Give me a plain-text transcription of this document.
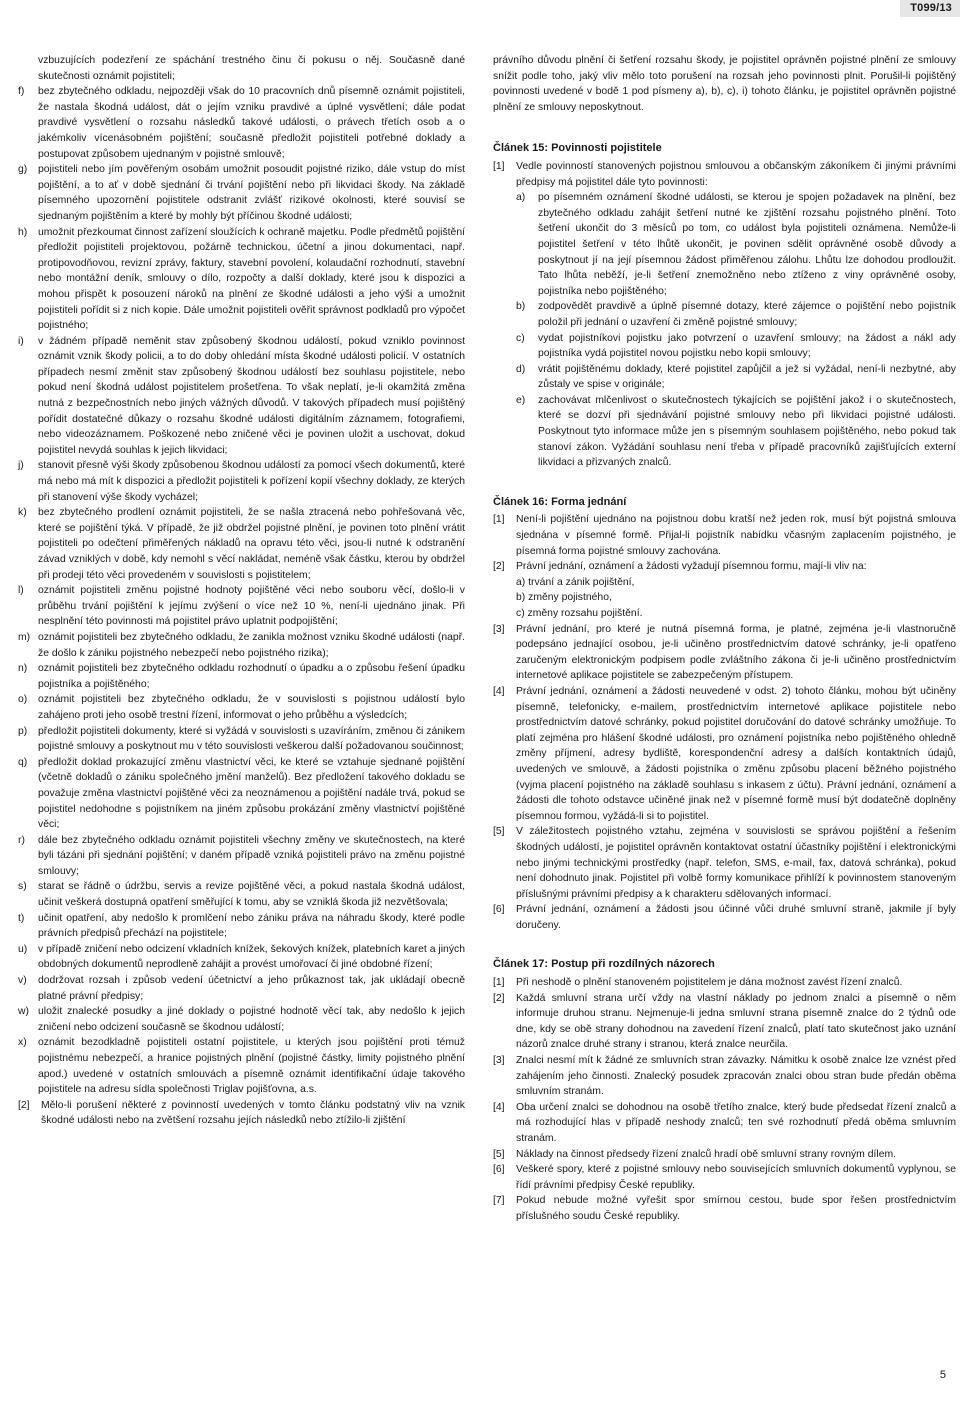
T099/13
vzbuzujících podezření ze spáchání trestného činu či pokusu o něj. Současně dané skutečnosti oznámit pojistiteli;
f)	bez zbytečného odkladu, nejpozději však do 10 pracovních dnů písemně oznámit pojistiteli, že nastala škodná událost, dát o jejím vzniku pravdivé a úplné vysvětlení; dále podat pravdivé vysvětlení o rozsahu následků takové události, o právech třetích osob a o jakémkoliv vícenásobném pojištění; současně předložit pojistiteli potřebné doklady a postupovat způsobem ujednaným v pojistné smlouvě;
g)	pojistiteli nebo jím pověřeným osobám umožnit posoudit pojistné riziko, dále vstup do míst pojištění, a to ať v době sjednání či trvání pojištění nebo při likvidaci škody. Na základě písemného upozornění pojistitele odstranit zvlášť rizikové okolnosti, které souvisí se sjednaným pojištěním a které by mohly být příčinou škodné události;
h)	umožnit přezkoumat činnost zařízení sloužících k ochraně majetku. Podle předmětů pojištění předložit pojistiteli projektovou, požárně technickou, účetní a jinou dokumentaci, např. protipovodňovou, revizní zprávy, faktury, stavební povolení, kolaudační rozhodnutí, stavební nebo montážní deník, smlouvy o dílo, rozpočty a další doklady, které jsou k dispozici a mohou přispět k posouzení nároků na plnění ze škodné události a jeho výši a umožnit pojistiteli pořídit si z nich kopie. Dále umožnit pojistiteli ověřit správnost podkladů pro výpočet pojistného;
i)	v žádném případě neměnit stav způsobený škodnou událostí, pokud vzniklo povinnost oznámit vznik škody policii, a to do doby ohledání místa škodné události policií. V ostatních případech nesmí změnit stav způsobený škodnou událostí bez souhlasu pojistitele, nebo pokud není škodná událost pojistitelem prošetřena. To však neplatí, je-li okamžitá změna nutná z bezpečnostních nebo jiných vážných důvodů. V takových případech musí pojištěný pořídit dostatečné důkazy o rozsahu škodné události digitálním záznamem, fotografiemi, nebo videozáznamem. Poškozené nebo zničené věci je povinen uložit a uschovat, dokud pojistitel nevydá souhlas k jejich likvidaci;
j)	stanovit přesně výši škody způsobenou škodnou událostí za pomocí všech dokumentů, které má nebo má mít k dispozici a předložit pojistiteli k pořízení kopií všechny doklady, ze kterých při stanovení výše škody vycházel;
k)	bez zbytečného prodlení oznámit pojistiteli, že se našla ztracená nebo pohřešovaná věc, které se pojištění týká. V případě, že již obdržel pojistné plnění, je povinen toto plnění vrátit pojistiteli po odečtení přiměřených nákladů na opravu této věci, jsou-li nutné k odstranění závad vzniklých v době, kdy nemohl s věcí nakládat, neméně však částku, kterou by obdržel při prodeji této věci provedeném v souvislosti s pojistitelem;
l)	oznámit pojistiteli změnu pojistné hodnoty pojištěné věci nebo souboru věcí, došlo-li v průběhu trvání pojištění k jejímu zvýšení o více než 10 %, není-li ujednáno jinak. Při nesplnění této povinnosti má pojistitel právo uplatnit podpojištění;
m) oznámit pojistiteli bez zbytečného odkladu, že zanikla možnost vzniku škodné události (např. že došlo k zániku pojistného nebezpečí nebo pojistného rizika);
n)	oznámit pojistiteli bez zbytečného odkladu rozhodnutí o úpadku a o způsobu řešení úpadku pojistníka a pojištěného;
o)	oznámit pojistiteli bez zbytečného odkladu, že v souvislosti s pojistnou událostí bylo zahájeno proti jeho osobě trestní řízení, informovat o jeho průběhu a výsledcích;
p)	předložit pojistiteli dokumenty, které si vyžádá v souvislosti s uzavíráním, změnou či zánikem pojistné smlouvy a poskytnout mu v této souvislosti veškerou další požadovanou součinnost;
q)	předložit doklad prokazující změnu vlastnictví věci, ke které se vztahuje sjednané pojištění (včetně dokladů o zániku společného jmění manželů). Bez předložení takového dokladu se považuje změna vlastnictví pojištěné věci za neoznámenou a pojištění nadále trvá, pokud se pojistitel nedohodne s pojistníkem na jiném způsobu prokázání změny vlastnictví pojištěné věci;
r)	dále bez zbytečného odkladu oznámit pojistiteli všechny změny ve skutečnostech, na které byli tázáni při sjednání pojištění; v daném případě vzniká pojistiteli právo na změnu pojistné smlouvy;
s)	starat se řádně o údržbu, servis a revize pojištěné věci, a pokud nastala škodná událost, učinit veškerá dostupná opatření směřující k tomu, aby se vzniklá škoda již nezvětšovala;
t)	učinit opatření, aby nedošlo k promlčení nebo zániku práva na náhradu škody, které podle právních předpisů přechází na pojistitele;
u)	v případě zničení nebo odcizení vkladních knížek, šekových knížek, platebních karet a jiných obdobných dokumentů neprodleně zahájit a provést umořovací či jiné obdobné řízení;
v)	dodržovat rozsah i způsob vedení účetnictví a jeho průkaznost tak, jak ukládají obecně platné právní předpisy;
w) uložit znalecké posudky a jiné doklady o pojistné hodnotě věcí tak, aby nedošlo k jejich zničení nebo odcizení současně se škodnou událostí;
x)	oznámit bezodkladně pojistiteli ostatní pojistitele, u kterých jsou pojištění proti témuž pojistnému nebezpečí, a hranice pojistných plnění (pojistné částky, limity pojistného plnění apod.) uvedené v ostatních smlouvách a písemně oznámit identifikační údaje takového pojistitele na adresu sídla společnosti Triglav pojišťovna, a.s.
[2]	Mělo-li porušení některé z povinností uvedených v tomto článku podstatný vliv na vznik škodné události nebo na zvětšení rozsahu jejích následků nebo ztížilo-li zjištění
právního důvodu plnění či šetření rozsahu škody, je pojistitel oprávněn pojistné plnění ze smlouvy snížit podle toho, jaký vliv mělo toto porušení na rozsah jeho povinnosti plnit. Porušil-li pojištěný povinnosti uvedené v bodě 1 pod písmeny a), b), c), i) tohoto článku, je pojistitel oprávněn pojistné plnění ze smlouvy neposkytnout.
Článek 15: Povinnosti pojistitele
[1]	Vedle povinností stanovených pojistnou smlouvou a občanským zákoníkem či jinými právními předpisy má pojistitel dále tyto povinnosti:
a)	po písemném oznámení škodné události, se kterou je spojen požadavek na plnění, bez zbytečného odkladu zahájit šetření nutné ke zjištění rozsahu pojistného plnění. Toto šetření ukončit do 3 měsíců po tom, co událost byla pojistiteli oznámena. Nemůže-li pojistitel šetření v této lhůtě ukončit, je povinen sdělit oprávněné osobě důvody a poskytnout jí na její písemnou žádost přiměřenou zálohu. Lhůtu lze dohodou prodloužit. Tato lhůta neběží, je-li šetření znemožněno nebo ztíženo z viny oprávněné osoby, pojistníka nebo pojištěného;
b)	zodpovědět pravdivě a úplně písemné dotazy, které zájemce o pojištění nebo pojistník položil při jednání o uzavření či změně pojistné smlouvy;
c)	vydat pojistníkovi pojistku jako potvrzení o uzavření smlouvy; na žádost a nákl ady pojistníka vydá pojistitel novou pojistku nebo kopii smlouvy;
d)	vrátit pojištěnému doklady, které pojistitel zapůjčil a jež si vyžádal, není-li nezbytné, aby zůstaly ve spise v originále;
e)	zachovávat mlčenlivost o skutečnostech týkajících se pojištění jakož i o skutečnostech, které se dozví při sjednávání pojistné smlouvy nebo při likvidaci pojistné události. Poskytnout tyto informace může jen s písemným souhlasem pojištěného, nebo pokud tak stanoví zákon. Vyžádání souhlasu není třeba v případě pracovníků zajišťujících externí likvidaci a přizvaných znalců.
Článek 16: Forma jednání
[1]	Není-li pojištění ujednáno na pojistnou dobu kratší než jeden rok, musí být pojistná smlouva sjednána v písemné formě. Přijal-li pojistník nabídku včasným zaplacením pojistného, je písemná forma pojistné smlouvy zachována.
[2]	Právní jednání, oznámení a žádosti vyžadují písemnou formu, mají-li vliv na:
a) trvání a zánik pojištění,
b) změny pojistného,
c) změny rozsahu pojištění.
[3]	Právní jednání, pro které je nutná písemná forma, je platné, zejména je-li vlastnoručně podepsáno jednající osobou, je-li učiněno prostřednictvím datové schránky, je-li opatřeno zaručeným elektronickým podpisem podle zvláštního zákona či je-li učiněno prostřednictvím internetové aplikace pojistitele se zabezpečeným přístupem.
[4]	Právní jednání, oznámení a žádosti neuvedené v odst. 2) tohoto článku, mohou být učiněny písemně, telefonicky, e-mailem, prostřednictvím internetové aplikace pojistitele nebo prostřednictvím datové schránky, pokud pojistitel doručování do datové schránky umožňuje. To platí zejména pro hlášení škodné události, pro oznámení pojistníka nebo pojištěného ohledně změny příjmení, adresy bydliště, korespondenční adresy a dalších kontaktních údajů, uvedených ve smlouvě, a žádosti pojistníka o změnu způsobu placení běžného pojistného (vyjma placení pojistného na základě souhlasu s inkasem z účtu). Právní jednání, oznámení a žádosti dle tohoto odstavce učiněné jinak než v písemné formě musí být dodatečně doplněny písemnou formou, vyžádá-li si to pojistitel.
[5]	V záležitostech pojistného vztahu, zejména v souvislosti se správou pojištění a řešením škodných událostí, je pojistitel oprávněn kontaktovat ostatní účastníky pojištění i elektronickými nebo jinými technickými prostředky (např. telefon, SMS, e-mail, fax, datová schránka), pokud není dohodnuto jinak. Pojistitel při volbě formy komunikace přihlíží k povinnostem stanoveným příslušnými právními předpisy a k charakteru sdělovaných informací.
[6]	Právní jednání, oznámení a žádosti jsou účinné vůči druhé smluvní straně, jakmile jí byly doručeny.
Článek 17: Postup při rozdílných názorech
[1]	Při neshodě o plnění stanoveném pojistitelem je dána možnost zavést řízení znalců.
[2]	Každá smluvní strana určí vždy na vlastní náklady po jednom znalci a písemně o něm informuje druhou stranu. Nejmenuje-li jedna smluvní strana písemně znalce do 2 týdnů ode dne, kdy se obě strany dohodnou na zavedení řízení znalců, platí tato skutečnost jako uznání názorů znalce druhé strany i stranou, která znalce neurčila.
[3]	Znalci nesmí mít k žádné ze smluvních stran závazky. Námitku k osobě znalce lze vznést před zahájením jeho činnosti. Znalecký posudek zpracován znalci obou stran bude předán oběma smluvním stranám.
[4]	Oba určení znalci se dohodnou na osobě třetího znalce, který bude předsedat řízení znalců a má rozhodující hlas v případě neshody znalců; ten své rozhodnutí předá oběma smluvním stranám.
[5]	Náklady na činnost předsedy řízení znalců hradí obě smluvní strany rovným dílem.
[6]	Veškeré spory, které z pojistné smlouvy nebo souvisejících smluvních dokumentů vyplynou, se řídí právními předpisy České republiky.
[7]	Pokud nebude možné vyřešit spor smírnou cestou, bude spor řešen prostřednictvím příslušného soudu České republiky.
5
